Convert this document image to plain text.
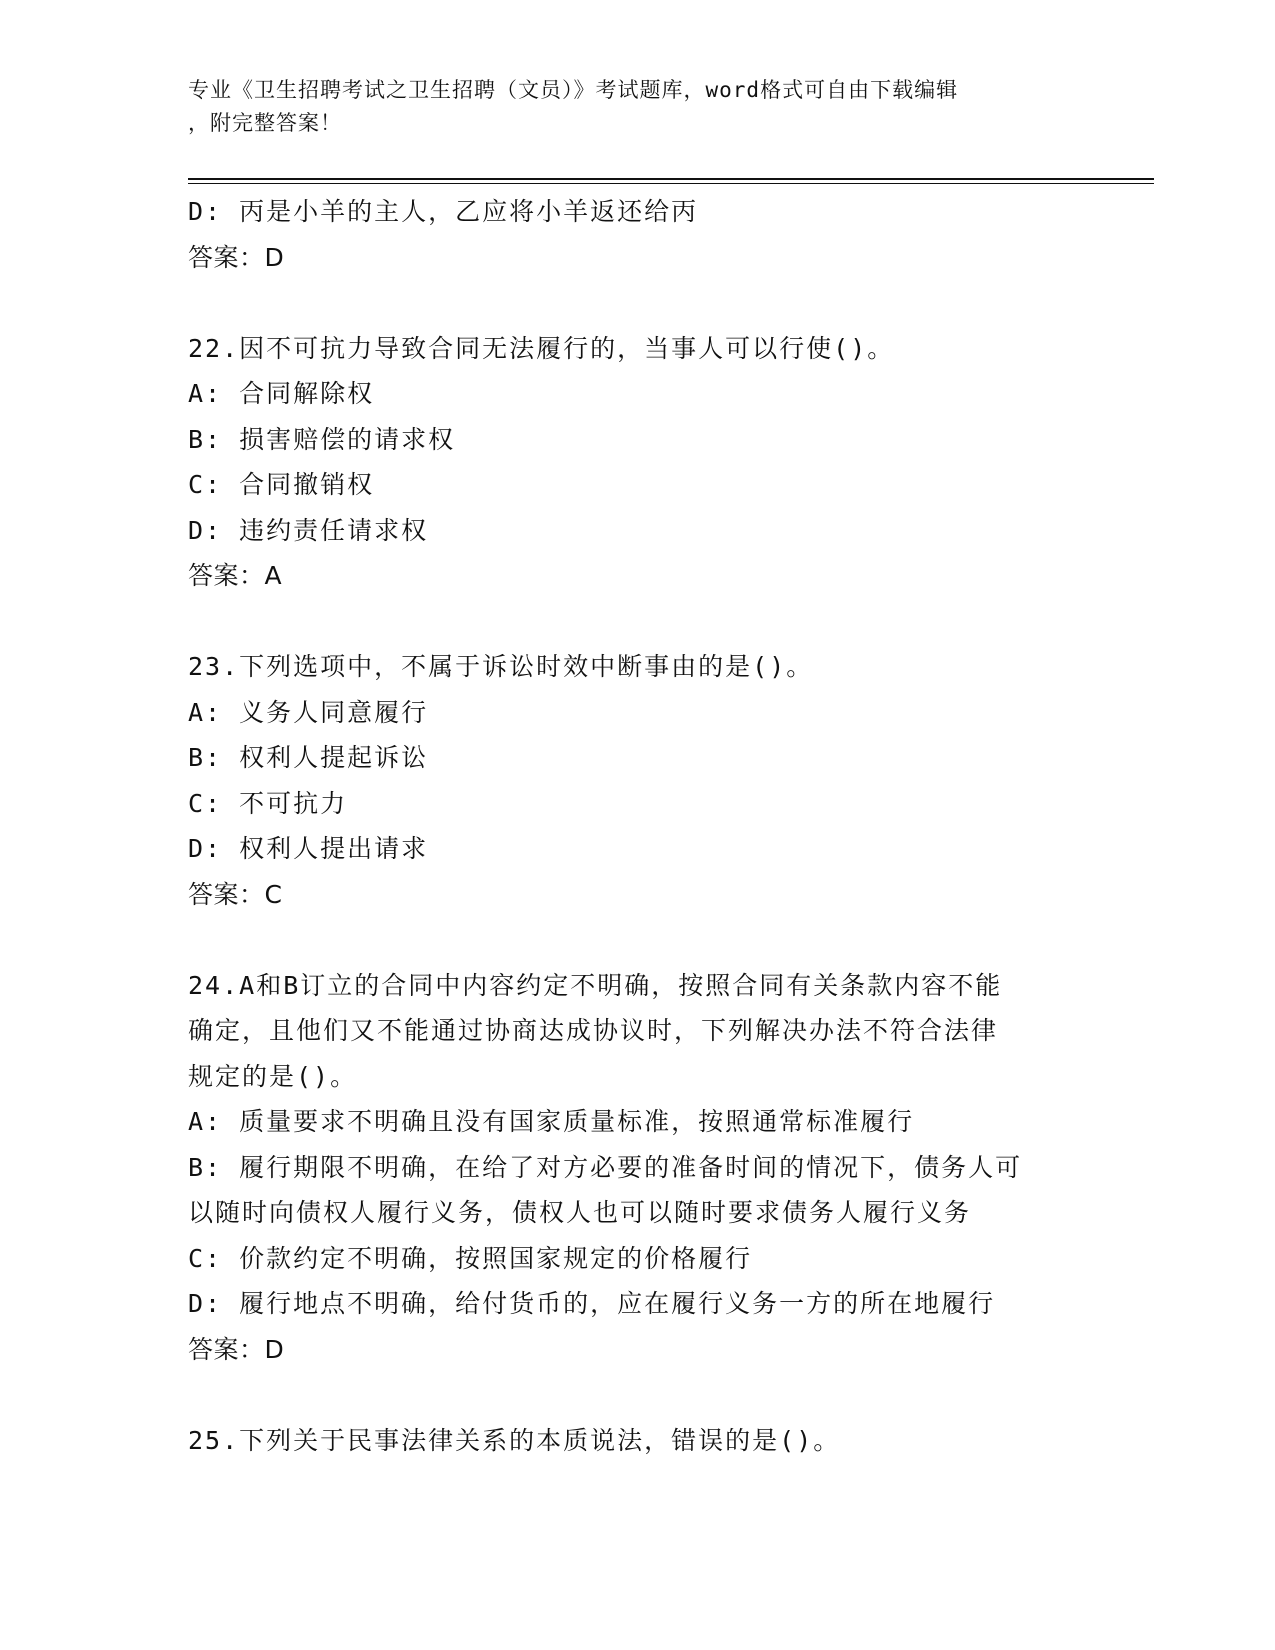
专业《卫生招聘考试之卫生招聘（文员）》考试题库，word格式可自由下载编辑
，附完整答案！
D: 丙是小羊的主人，乙应将小羊返还给丙
答案：D
22.因不可抗力导致合同无法履行的，当事人可以行使()。
A: 合同解除权
B: 损害赔偿的请求权
C: 合同撤销权
D: 违约责任请求权
答案：A
23.下列选项中，不属于诉讼时效中断事由的是()。
A: 义务人同意履行
B: 权利人提起诉讼
C: 不可抗力
D: 权利人提出请求
答案：C
24.A和B订立的合同中内容约定不明确，按照合同有关条款内容不能
确定，且他们又不能通过协商达成协议时，下列解决办法不符合法律
规定的是()。
A: 质量要求不明确且没有国家质量标准，按照通常标准履行
B: 履行期限不明确，在给了对方必要的准备时间的情况下，债务人可
以随时向债权人履行义务，债权人也可以随时要求债务人履行义务
C: 价款约定不明确，按照国家规定的价格履行
D: 履行地点不明确，给付货币的，应在履行义务一方的所在地履行
答案：D
25.下列关于民事法律关系的本质说法，错误的是()。
